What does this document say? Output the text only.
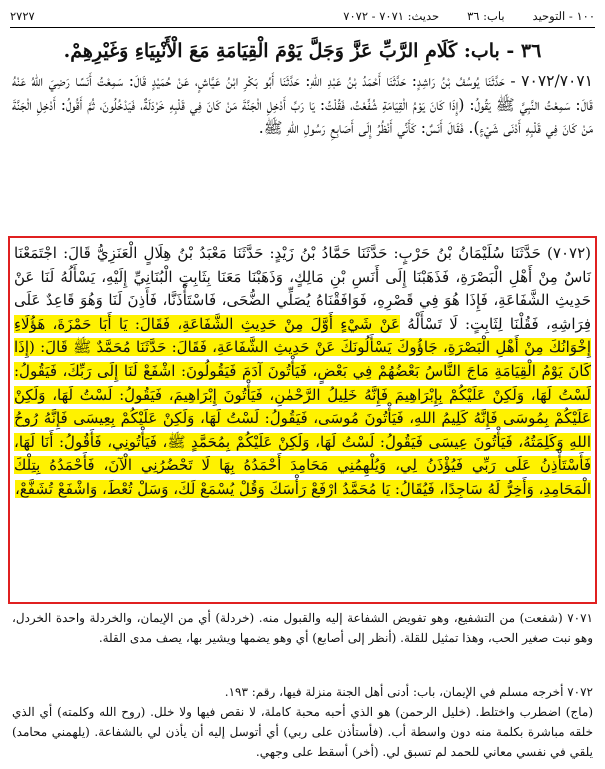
٢٧٢٧	١٠٠ - التوحيد
باب: ٣٦
حديث: ٧٠٧١ - ٧٠٧٢
٣٦ - باب: كَلَامِ الرَّبِّ عَزَّ وَجَلَّ يَوْمَ الْقِيَامَةِ مَعَ الْأَنْبِيَاءِ وَغَيْرِهِمْ.

٧٠٧٢/٧٠٧١ - حَدَّثَنَا يُوسُفُ بْنُ رَاشِدٍ: حَدَّثَنَا أَحْمَدُ بْنُ عَبْدِ اللهِ: حَدَّثَنَا أَبُو بَكْرِ ابْنُ عَيَّاشٍ، عَنْ حُمَيْدٍ قَالَ: سَمِعْتُ أَنَسًا رَضِيَ اللهُ عَنْهُ قَالَ: سَمِعْتُ النَّبِيَّ ﷺ يَقُولُ: (إِذَا كَانَ يَوْمُ الْقِيَامَةِ شُفِّعْتُ، فَقُلْتُ: يَا رَبِّ أَدْخِلِ الْجَنَّةَ مَنْ كَانَ فِي قَلْبِهِ خَرْدَلَةٌ، فَيَدْخُلُونَ، ثُمَّ أَقُولُ: أَدْخِلِ الْجَنَّةَ مَنْ كَانَ فِي قَلْبِهِ أَدْنَى شَيْءٍ). فَقَالَ أَنَسٌ: كَأَنِّي أَنْظُرُ إِلَى أَصَابِعِ رَسُولِ اللهِ ﷺ.

(٧٠٧٢) حَدَّثَنَا سُلَيْمَانُ بْنُ حَرْبٍ: حَدَّثَنَا حَمَّادُ بْنُ زَيْدٍ: حَدَّثَنَا مَعْبَدُ بْنُ هِلَالٍ الْعَنَزِيُّ قَالَ: اجْتَمَعْنَا نَاسٌ مِنْ أَهْلِ الْبَصْرَةِ، فَذَهَبْنَا إِلَى أَنَسِ بْنِ مَالِكٍ، وَذَهَبْنَا مَعَنَا بِثَابِتٍ الْبُنَانِيِّ إِلَيْهِ، يَسْأَلُهُ لَنَا عَنْ حَدِيثِ الشَّفَاعَةِ، فَإِذَا هُوَ فِي قَصْرِهِ، فَوَافَقْنَاهُ يُصَلِّي الضُّحَى، فَاسْتَأْذَنَّا، فَأَذِنَ لَنَا وَهُوَ قَاعِدٌ عَلَى فِرَاشِهِ، فَقُلْنَا لِثَابِتٍ: لَا تَسْأَلْهُ عَنْ شَيْءٍ أَوَّلَ مِنْ حَدِيثِ الشَّفَاعَةِ، فَقَالَ: يَا أَبَا حَمْزَةَ، هَؤُلَاءِ إِخْوَانُكَ مِنْ أَهْلِ الْبَصْرَةِ، جَاؤُوكَ يَسْأَلُونَكَ عَنْ حَدِيثِ الشَّفَاعَةِ، فَقَالَ: حَدَّثَنَا مُحَمَّدٌ ﷺ قَالَ: (إِذَا كَانَ يَوْمُ الْقِيَامَةِ مَاجَ النَّاسُ بَعْضُهُمْ فِي بَعْضٍ، فَيَأْتُونَ آدَمَ فَيَقُولُونَ: اشْفَعْ لَنَا إِلَى رَبِّكَ، فَيَقُولُ: لَسْتُ لَهَا، وَلَكِنْ عَلَيْكُمْ بِإِبْرَاهِيمَ فَإِنَّهُ خَلِيلُ الرَّحْمٰنِ، فَيَأْتُونَ إِبْرَاهِيمَ، فَيَقُولُ: لَسْتُ لَهَا، وَلَكِنْ عَلَيْكُمْ بِمُوسَى فَإِنَّهُ كَلِيمُ اللهِ، فَيَأْتُونَ مُوسَى، فَيَقُولُ: لَسْتُ لَهَا، وَلَكِنْ عَلَيْكُمْ بِعِيسَى فَإِنَّهُ رُوحُ اللهِ وَكَلِمَتُهُ، فَيَأْتُونَ عِيسَى فَيَقُولُ: لَسْتُ لَهَا، وَلَكِنْ عَلَيْكُمْ بِمُحَمَّدٍ ﷺ، فَيَأْتُونِي، فَأَقُولُ: أَنَا لَهَا، فَأَسْتَأْذِنُ عَلَى رَبِّي فَيُؤْذَنُ لِي، وَيُلْهِمُنِي مَحَامِدَ أَحْمَدُهُ بِهَا لَا تَحْضُرُنِي الْآنَ، فَأَحْمَدُهُ بِتِلْكَ الْمَحَامِدِ، وَأَخِرُّ لَهُ سَاجِدًا، فَيُقَالُ: يَا مُحَمَّدُ ارْفَعْ رَأْسَكَ وَقُلْ يُسْمَعْ لَكَ، وَسَلْ تُعْطَ، وَاشْفَعْ تُشَفَّعْ،

٧٠٧١ (شفعت) من التشفيع، وهو تفويض الشفاعة إليه والقبول منه. (خردلة) أي من الإيمان، والخردلة واحدة الخردل، وهو نبت صغير الحب، وهذا تمثيل للقلة. (أنظر إلى أصابع) أي وهو يضمها ويشير بها، يصف مدى القلة.

٧٠٧٢ أخرجه مسلم في الإيمان، باب: أدنى أهل الجنة منزلة فيها، رقم: ١٩٣.

(ماج) اضطرب واختلط. (خليل الرحمن) هو الذي أحبه محبة كاملة، لا نقص فيها ولا خلل. (روح الله وكلمته) أي الذي خلقه مباشرة بكلمة منه دون واسطة أب. (فأستأذن على ربي) أي أتوسل إليه أن يأذن لي بالشفاعة. (يلهمني محامد) يلقي في نفسي معاني للحمد لم تسبق لي. (أخر) أسقط على وجهي.
